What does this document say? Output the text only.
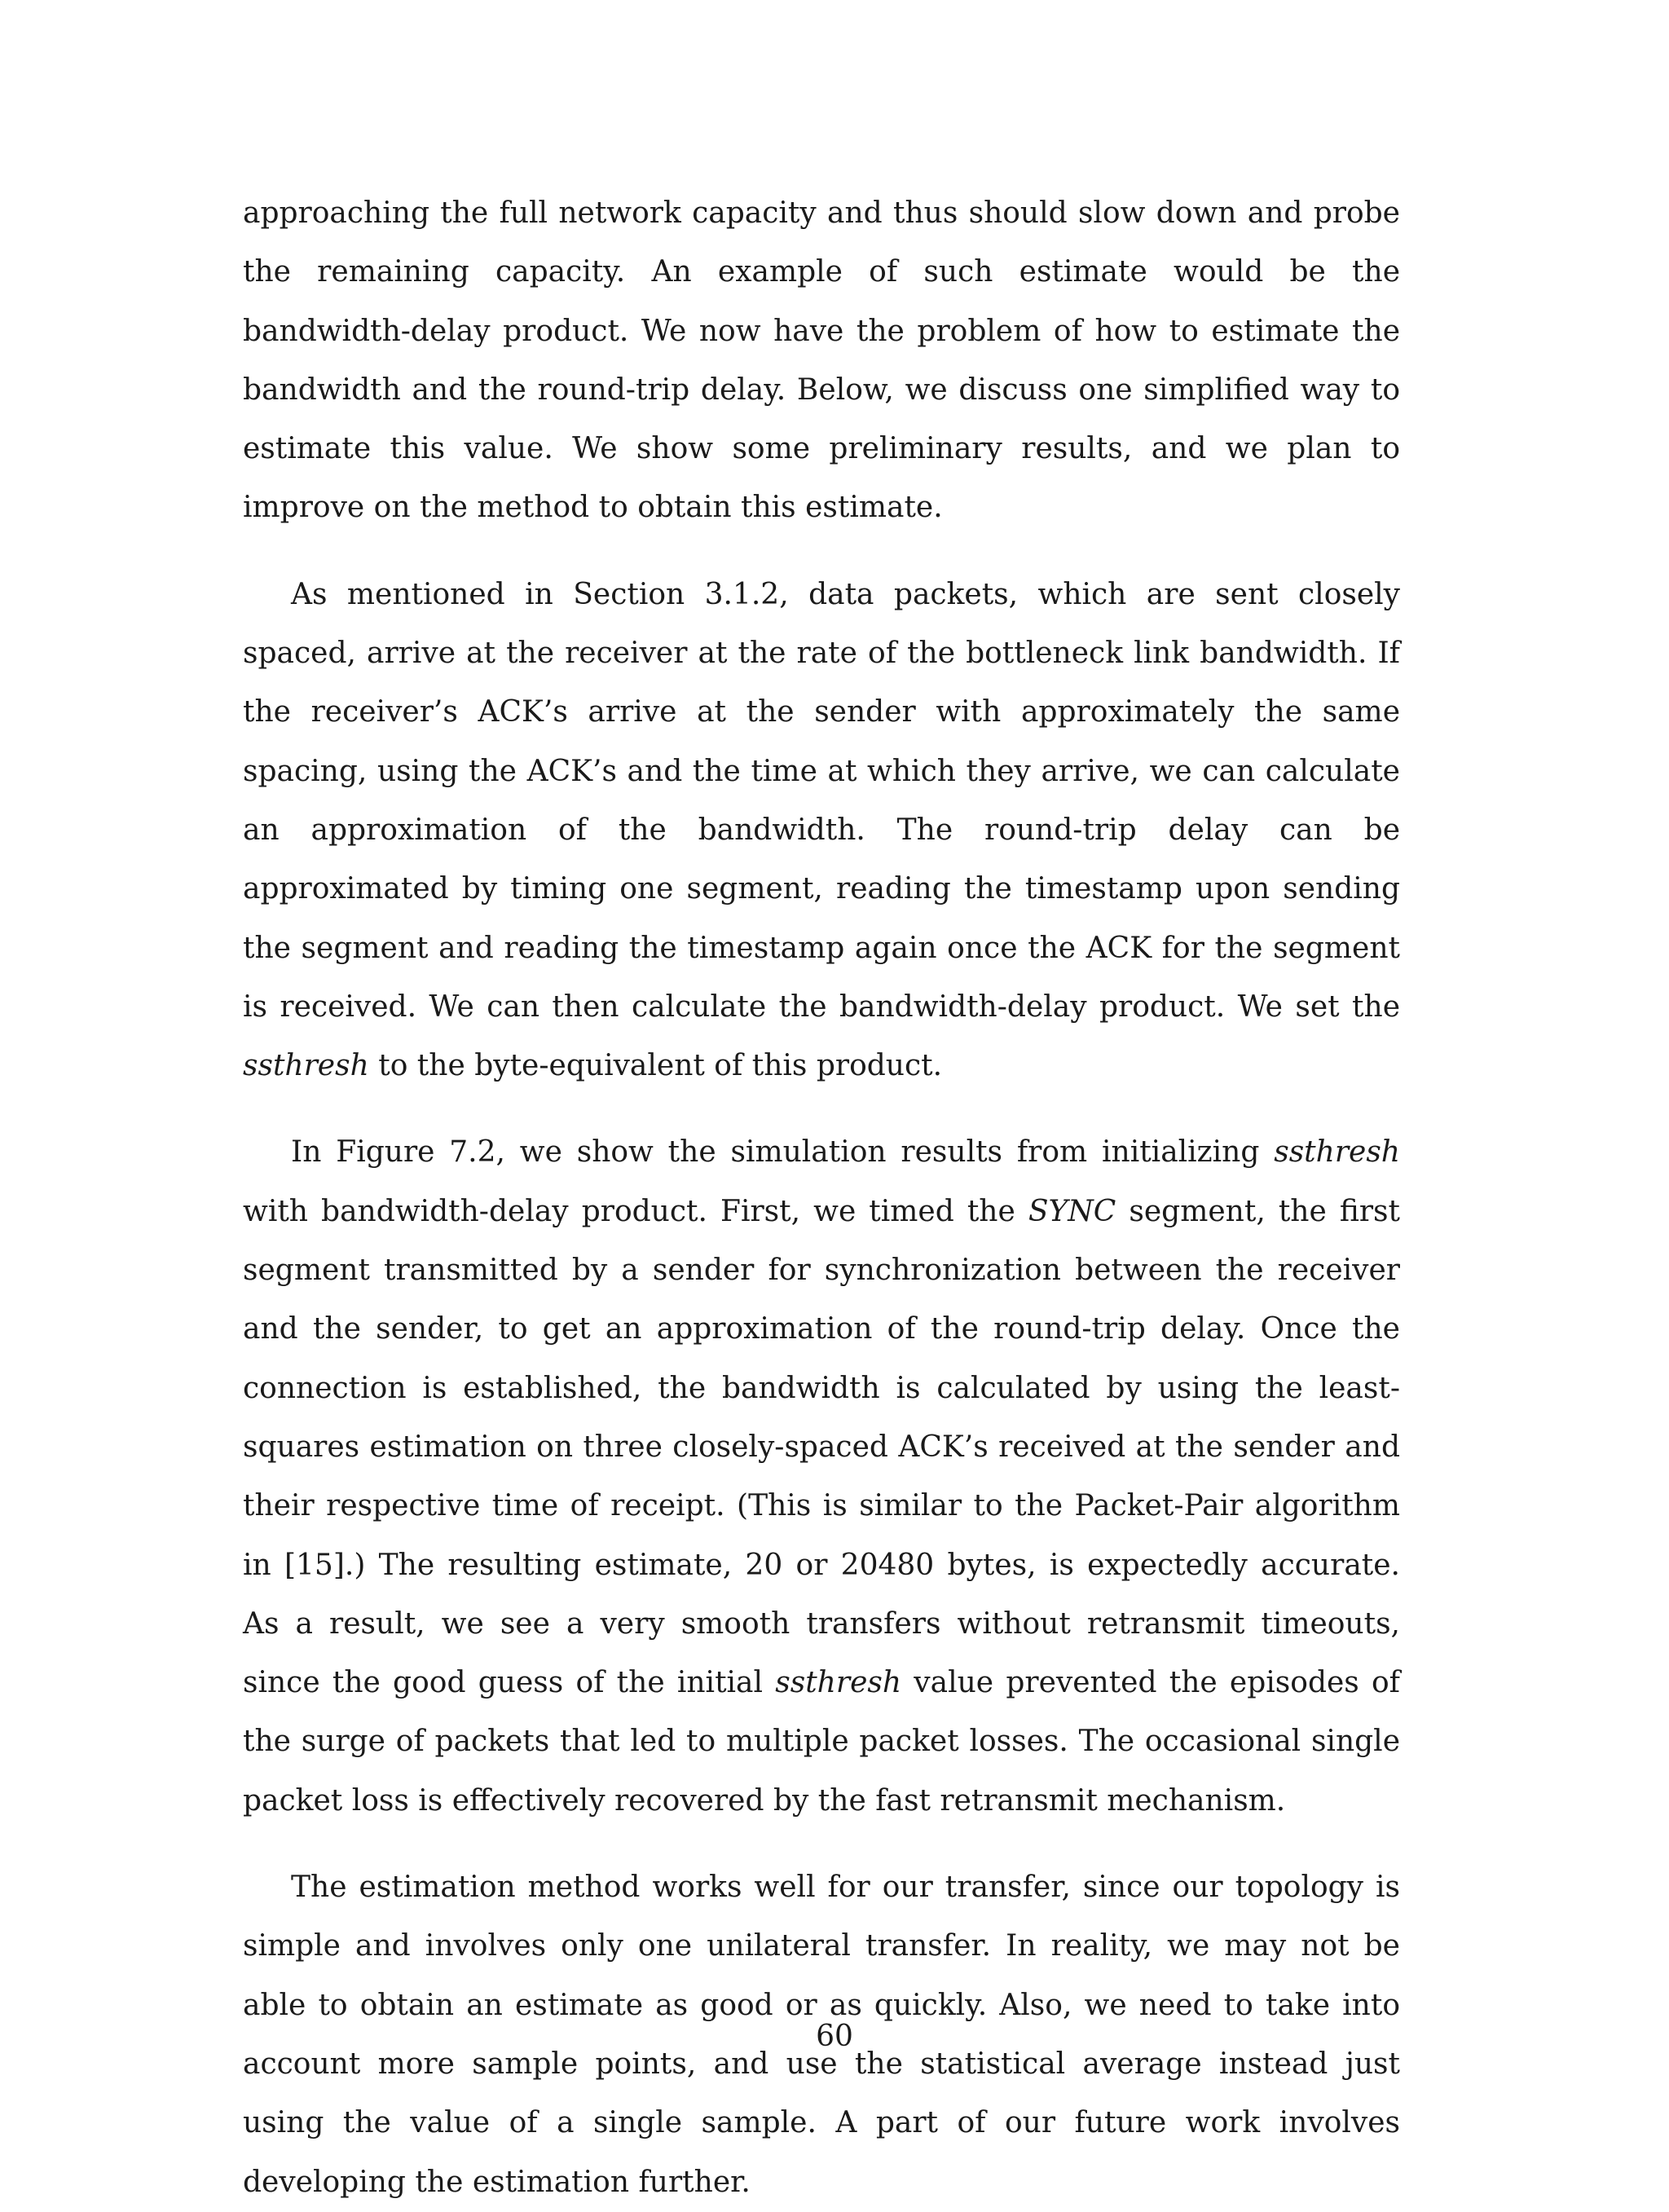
approaching the full network capacity and thus should slow down and probe the remaining capacity. An example of such estimate would be the bandwidth-delay product. We now have the problem of how to estimate the bandwidth and the round-trip delay. Below, we discuss one simplified way to estimate this value. We show some preliminary results, and we plan to improve on the method to obtain this estimate.

As mentioned in Section 3.1.2, data packets, which are sent closely spaced, arrive at the receiver at the rate of the bottleneck link bandwidth. If the receiver’s ACK’s arrive at the sender with approximately the same spacing, using the ACK’s and the time at which they arrive, we can calculate an approximation of the bandwidth. The round-trip delay can be approximated by timing one segment, reading the timestamp upon sending the segment and reading the timestamp again once the ACK for the segment is received. We can then calculate the bandwidth-delay product. We set the ssthresh to the byte-equivalent of this product.

In Figure 7.2, we show the simulation results from initializing ssthresh with bandwidth-delay product. First, we timed the SYNC segment, the first segment transmitted by a sender for synchronization between the receiver and the sender, to get an approximation of the round-trip delay. Once the connection is established, the bandwidth is calculated by using the least-squares estimation on three closely-spaced ACK’s received at the sender and their respective time of receipt. (This is similar to the Packet-Pair algorithm in [15].) The resulting estimate, 20 or 20480 bytes, is expectedly accurate. As a result, we see a very smooth transfers without retransmit timeouts, since the good guess of the initial ssthresh value prevented the episodes of the surge of packets that led to multiple packet losses. The occasional single packet loss is effectively recovered by the fast retransmit mechanism.

The estimation method works well for our transfer, since our topology is simple and involves only one unilateral transfer. In reality, we may not be able to obtain an estimate as good or as quickly. Also, we need to take into account more sample points, and use the statistical average instead just using the value of a single sample. A part of our future work involves developing the estimation further.

60
